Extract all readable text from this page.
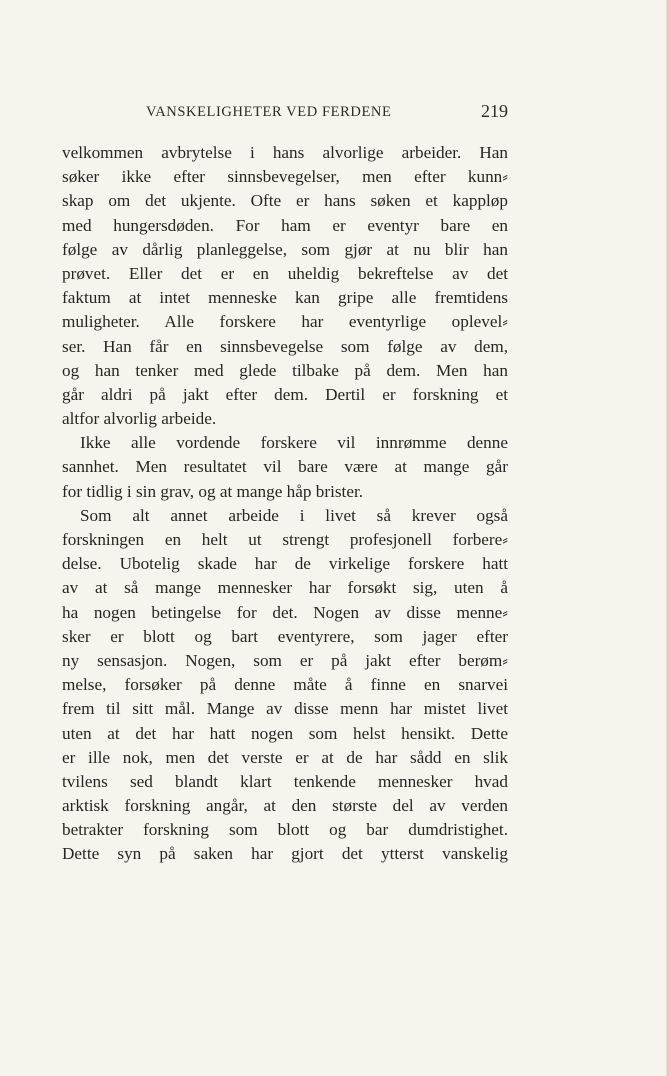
VANSKELIGHETER VED FERDENE	219
velkommen avbrytelse i hans alvorlige arbeider. Han
søker ikke efter sinnsbevegelser, men efter kunn⸗
skap om det ukjente. Ofte er hans søken et kappløp
med hungersdøden. For ham er eventyr bare en
følge av dårlig planleggelse, som gjør at nu blir han
prøvet. Eller det er en uheldig bekreftelse av det
faktum at intet menneske kan gripe alle fremtidens
muligheter. Alle forskere har eventyrlige oplevel⸗
ser. Han får en sinnsbevegelse som følge av dem,
og han tenker med glede tilbake på dem. Men han
går aldri på jakt efter dem. Dertil er forskning et
altfor alvorlig arbeide.
Ikke alle vordende forskere vil innrømme denne
sannhet. Men resultatet vil bare være at mange går
for tidlig i sin grav, og at mange håp brister.
Som alt annet arbeide i livet så krever også
forskningen en helt ut strengt profesjonell forbere⸗
delse. Ubotelig skade har de virkelige forskere hatt
av at så mange mennesker har forsøkt sig, uten å
ha nogen betingelse for det. Nogen av disse menne⸗
sker er blott og bart eventyrere, som jager efter
ny sensasjon. Nogen, som er på jakt efter berøm⸗
melse, forsøker på denne måte å finne en snarvei
frem til sitt mål. Mange av disse menn har mistet livet
uten at det har hatt nogen som helst hensikt. Dette
er ille nok, men det verste er at de har sådd en slik
tvilens sed blandt klart tenkende mennesker hvad
arktisk forskning angår, at den største del av verden
betrakter forskning som blott og bar dumdristighet.
Dette syn på saken har gjort det ytterst vanskelig
